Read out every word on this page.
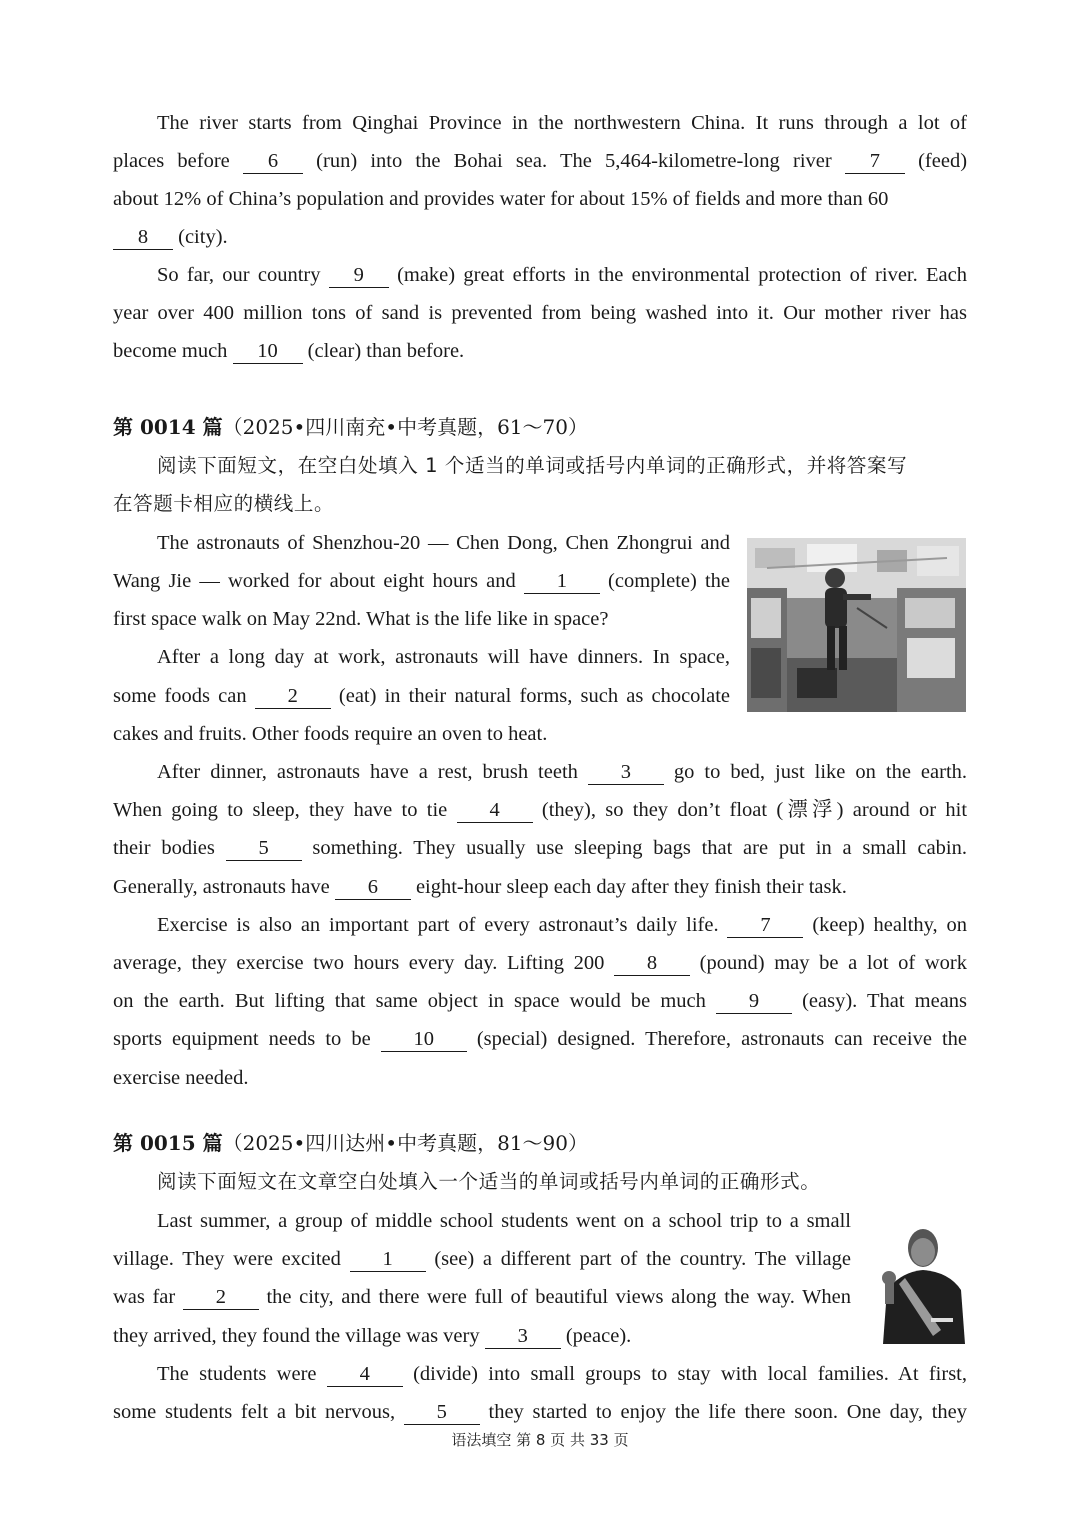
The river starts from Qinghai Province in the northwestern China. It runs through a lot of
places before 6 (run) into the Bohai sea. The 5,464-kilometre-long river 7 (feed)
about 12% of China’s population and provides water for about 15% of fields and more than 60
8 (city).
So far, our country 9 (make) great efforts in the environmental protection of river. Each
year over 400 million tons of sand is prevented from being washed into it. Our mother river has
become much 10 (clear) than before.
第 0014 篇（2025•四川南充•中考真题，61～70）
阅读下面短文，在空白处填入 1 个适当的单词或括号内单词的正确形式，并将答案写
在答题卡相应的横线上。
The astronauts of Shenzhou-20 — Chen Dong, Chen Zhongrui and
Wang Jie — worked for about eight hours and 1 (complete) the
first space walk on May 22nd. What is the life like in space?
After a long day at work, astronauts will have dinners. In space,
some foods can 2 (eat) in their natural forms, such as chocolate
cakes and fruits. Other foods require an oven to heat.
After dinner, astronauts have a rest, brush teeth 3 go to bed, just like on the earth.
When going to sleep, they have to tie 4 (they), so they don’t float (漂浮) around or hit
their bodies 5 something. They usually use sleeping bags that are put in a small cabin.
Generally, astronauts have 6 eight-hour sleep each day after they finish their task.
Exercise is also an important part of every astronaut’s daily life. 7 (keep) healthy, on
average, they exercise two hours every day. Lifting 200 8 (pound) may be a lot of work
on the earth. But lifting that same object in space would be much 9 (easy). That means
sports equipment needs to be 10 (special) designed. Therefore, astronauts can receive the
exercise needed.
第 0015 篇（2025•四川达州•中考真题，81～90）
阅读下面短文在文章空白处填入一个适当的单词或括号内单词的正确形式。
Last summer, a group of middle school students went on a school trip to a small
village. They were excited 1 (see) a different part of the country. The village
was far 2 the city, and there were full of beautiful views along the way. When
they arrived, they found the village was very 3 (peace).
The students were 4 (divide) into small groups to stay with local families. At first,
some students felt a bit nervous, 5 they started to enjoy the life there soon. One day, they
语法填空 第 8 页 共 33 页
